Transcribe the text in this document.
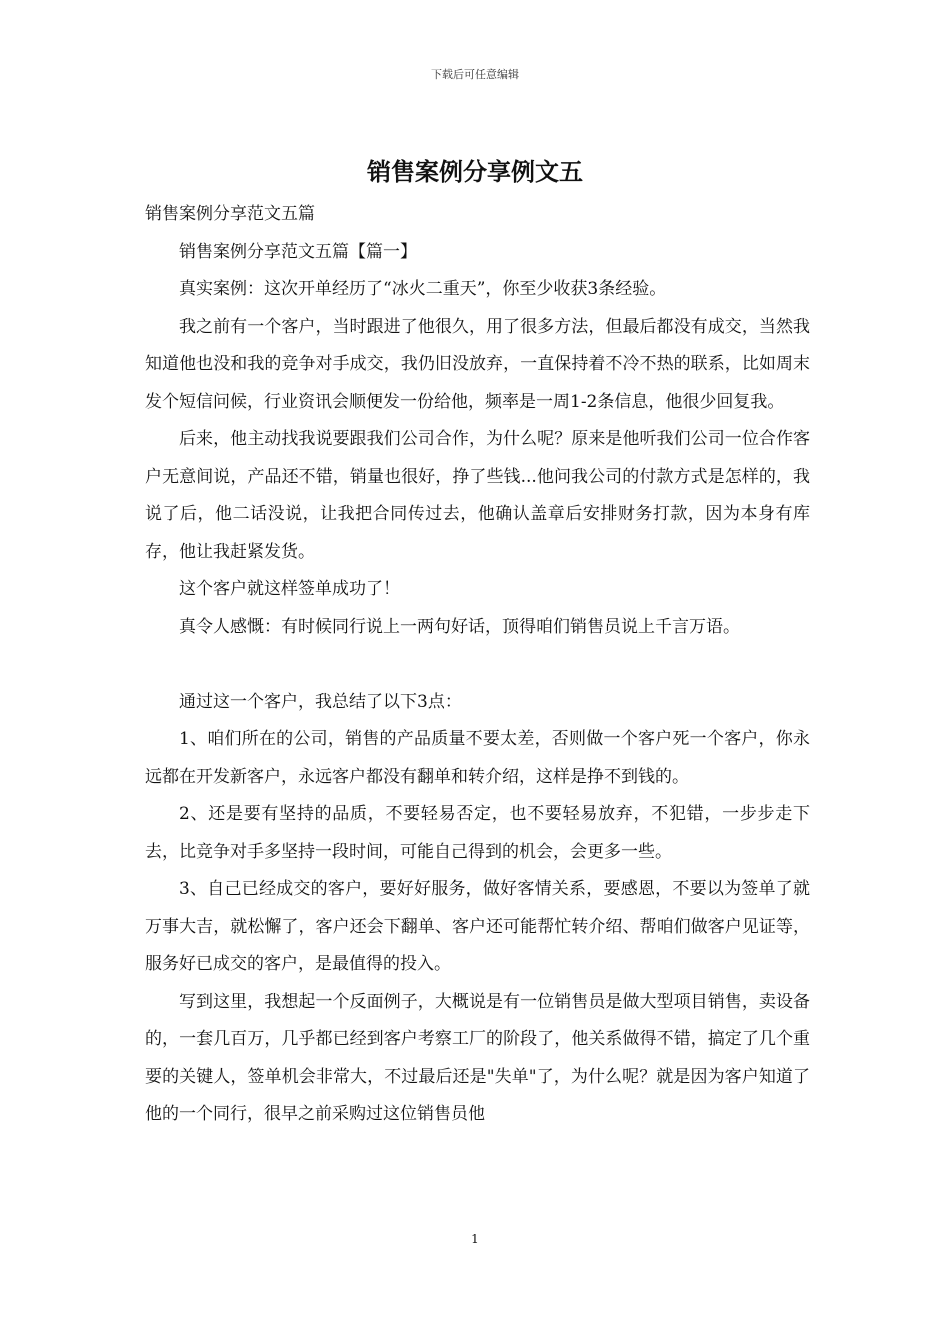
下载后可任意编辑
销售案例分享例文五

销售案例分享范文五篇

销售案例分享范文五篇【篇一】

真实案例：这次开单经历了“冰火二重天”，你至少收获3条经验。

我之前有一个客户，当时跟进了他很久，用了很多方法，但最后都没有成交，当然我知道他也没和我的竞争对手成交，我仍旧没放弃，一直保持着不冷不热的联系，比如周末发个短信问候，行业资讯会顺便发一份给他，频率是一周1-2条信息，他很少回复我。

后来，他主动找我说要跟我们公司合作，为什么呢？原来是他听我们公司一位合作客户无意间说，产品还不错，销量也很好，挣了些钱...他问我公司的付款方式是怎样的，我说了后，他二话没说，让我把合同传过去，他确认盖章后安排财务打款，因为本身有库存，他让我赶紧发货。

这个客户就这样签单成功了！

真令人感慨：有时候同行说上一两句好话，顶得咱们销售员说上千言万语。

通过这一个客户，我总结了以下3点：

1、咱们所在的公司，销售的产品质量不要太差，否则做一个客户死一个客户，你永远都在开发新客户，永远客户都没有翻单和转介绍，这样是挣不到钱的。

2、还是要有坚持的品质，不要轻易否定，也不要轻易放弃，不犯错，一步步走下去，比竞争对手多坚持一段时间，可能自己得到的机会，会更多一些。

3、自己已经成交的客户，要好好服务，做好客情关系，要感恩，不要以为签单了就万事大吉，就松懈了，客户还会下翻单、客户还可能帮忙转介绍、帮咱们做客户见证等，服务好已成交的客户，是最值得的投入。

写到这里，我想起一个反面例子，大概说是有一位销售员是做大型项目销售，卖设备的，一套几百万，几乎都已经到客户考察工厂的阶段了，他关系做得不错，搞定了几个重要的关键人，签单机会非常大，不过最后还是"失单"了，为什么呢？就是因为客户知道了他的一个同行，很早之前采购过这位销售员他

1
